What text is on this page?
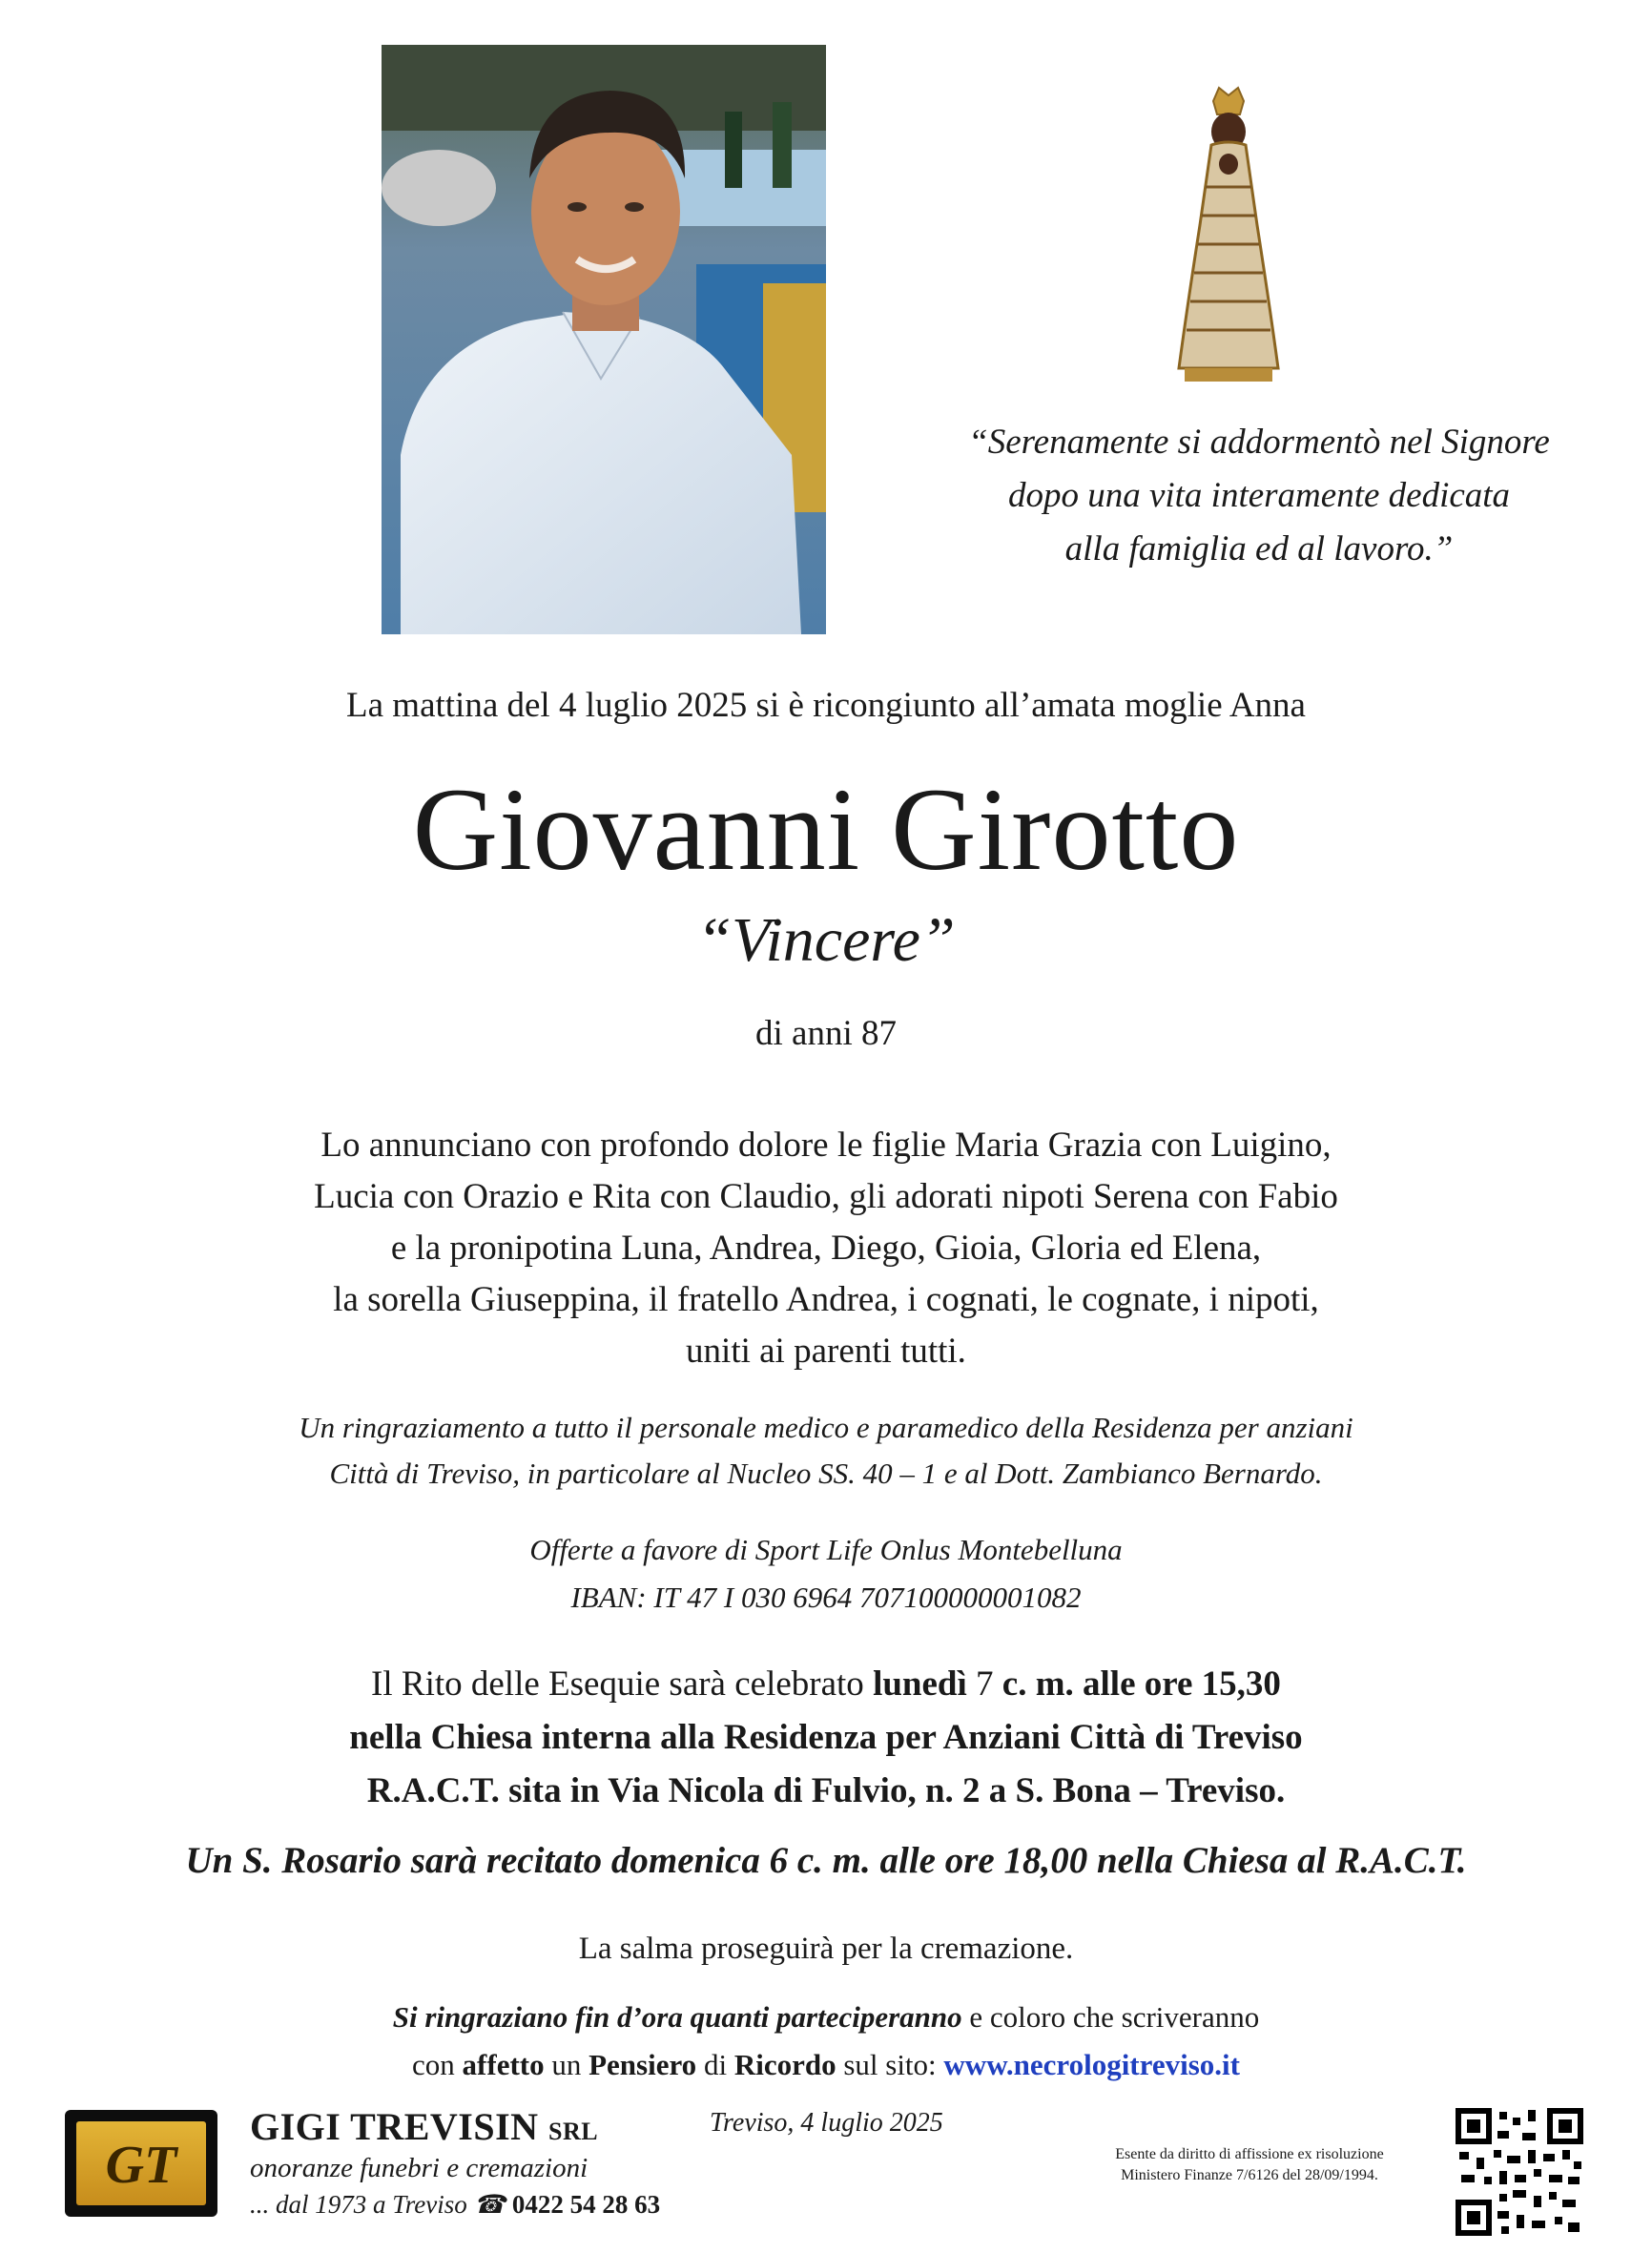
“Serenamente si addormentò nel Signore
dopo una vita interamente dedicata
alla famiglia ed al lavoro.”
La mattina del 4 luglio 2025 si è ricongiunto all’amata moglie Anna
Giovanni Girotto
“Vincere”
di anni 87
Lo annunciano con profondo dolore le figlie Maria Grazia con Luigino,
Lucia con Orazio e Rita con Claudio, gli adorati nipoti Serena con Fabio
e la pronipotina Luna, Andrea, Diego, Gioia, Gloria ed Elena,
la sorella Giuseppina, il fratello Andrea, i cognati, le cognate, i nipoti,
uniti ai parenti tutti.
Un ringraziamento a tutto il personale medico e paramedico della Residenza per anziani
Città di Treviso, in particolare al Nucleo SS. 40 – 1 e al Dott. Zambianco Bernardo.
Offerte a favore di Sport Life Onlus Montebelluna
IBAN: IT 47 I 030 6964 707100000001082
Il Rito delle Esequie sarà celebrato lunedì 7 c. m. alle ore 15,30
nella Chiesa interna alla Residenza per Anziani Città di Treviso
R.A.C.T. sita in Via Nicola di Fulvio, n. 2 a S. Bona – Treviso.
Un S. Rosario sarà recitato domenica 6 c. m. alle ore 18,00 nella Chiesa al R.A.C.T.
La salma proseguirà per la cremazione.
Si ringraziano fin d’ora quanti parteciperanno e coloro che scriveranno
con affetto un Pensiero di Ricordo sul sito: www.necrologitreviso.it
GT
GIGI TREVISIN SRL
onoranze funebri e cremazioni
... dal 1973 a Treviso ☎ 0422 54 28 63
Treviso, 4 luglio 2025
Esente da diritto di affissione ex risoluzione
Ministero Finanze 7/6126 del 28/09/1994.
